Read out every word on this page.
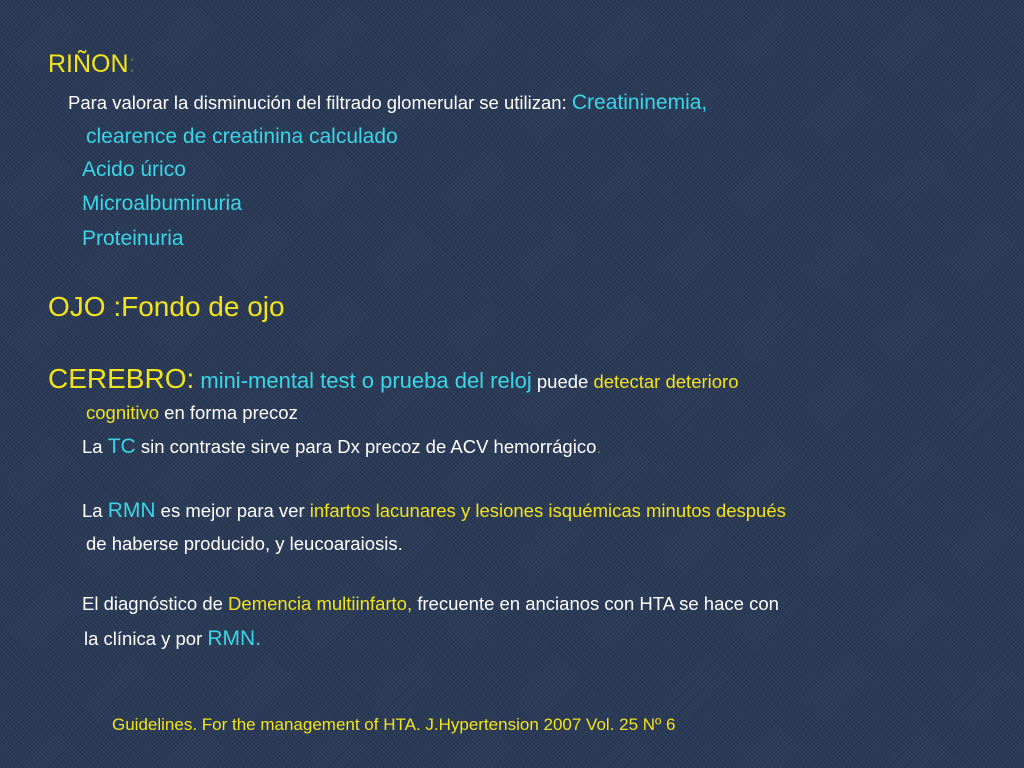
RIÑON:
Para valorar la disminución del filtrado glomerular se utilizan: Creatininemia,
clearence de creatinina calculado
Acido úrico
Microalbuminuria
Proteinuria
OJO :Fondo de ojo
CEREBRO: mini-mental test o prueba del reloj puede detectar deterioro
cognitivo en forma precoz
La TC sin contraste sirve para Dx precoz de ACV hemorrágico.
La RMN es mejor para ver infartos lacunares y lesiones isquémicas minutos después
de haberse producido, y leucoaraiosis.
El diagnóstico de Demencia multiinfarto, frecuente en ancianos con HTA se hace con
la clínica y por RMN.
Guidelines. For the management of HTA. J.Hypertension 2007 Vol. 25 Nº 6
